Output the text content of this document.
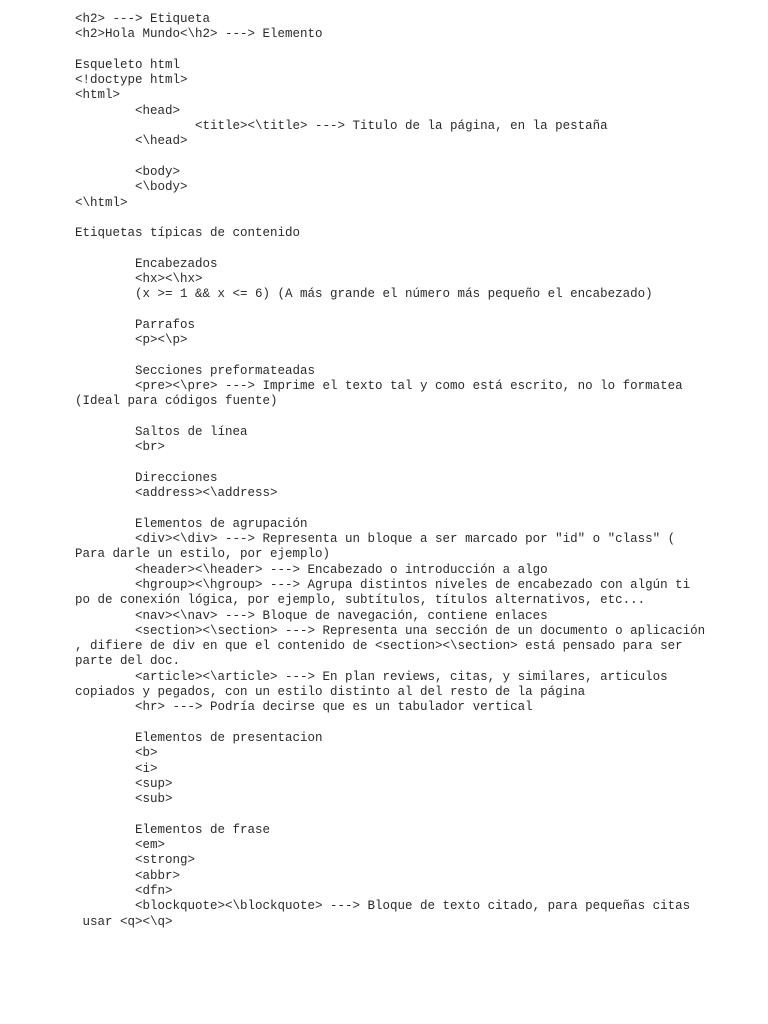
<h2> ---> Etiqueta
<h2>Hola Mundo<\h2> ---> Elemento
Esqueleto html
<!doctype html>
<html>
<head>
<title><\title> ---> Titulo de la página, en la pestaña
<\head>
<body>
<\body>
<\html>
Etiquetas típicas de contenido
Encabezados
<hx><\hx>
(x >= 1 && x <= 6) (A más grande el número más pequeño el encabezado)
Parrafos
<p><\p>
Secciones preformateadas
<pre><\pre> ---> Imprime el texto tal y como está escrito, no lo formatea
(Ideal para códigos fuente)
Saltos de línea
<br>
Direcciones
<address><\address>
Elementos de agrupación
<div><\div> ---> Representa un bloque a ser marcado por "id" o "class" (
Para darle un estilo, por ejemplo)
<header><\header> ---> Encabezado o introducción a algo
<hgroup><\hgroup> ---> Agrupa distintos niveles de encabezado con algún ti
po de conexión lógica, por ejemplo, subtítulos, títulos alternativos, etc...
<nav><\nav> ---> Bloque de navegación, contiene enlaces
<section><\section> ---> Representa una sección de un documento o aplicación
, difiere de div en que el contenido de <section><\section> está pensado para ser
parte del doc.
<article><\article> ---> En plan reviews, citas, y similares, articulos
copiados y pegados, con un estilo distinto al del resto de la página
<hr> ---> Podría decirse que es un tabulador vertical
Elementos de presentacion
<b>
<i>
<sup>
<sub>
Elementos de frase
<em>
<strong>
<abbr>
<dfn>
<blockquote><\blockquote> ---> Bloque de texto citado, para pequeñas citas
usar <q><\q>
